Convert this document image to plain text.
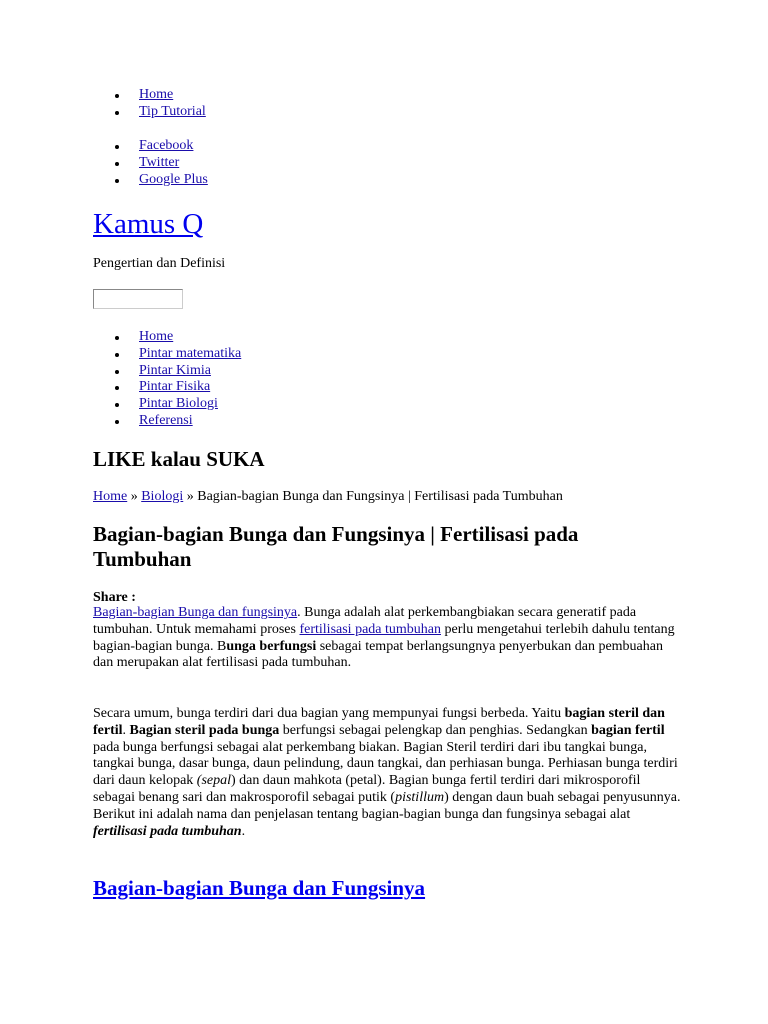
Home
Tip Tutorial
Facebook
Twitter
Google Plus
Kamus Q
Pengertian dan Definisi
Home
Pintar matematika
Pintar Kimia
Pintar Fisika
Pintar Biologi
Referensi
LIKE kalau SUKA
Home » Biologi » Bagian-bagian Bunga dan Fungsinya | Fertilisasi pada Tumbuhan
Bagian-bagian Bunga dan Fungsinya | Fertilisasi pada Tumbuhan
Share :

Bagian-bagian Bunga dan fungsinya. Bunga adalah alat perkembangbiakan secara generatif pada tumbuhan. Untuk memahami proses fertilisasi pada tumbuhan perlu mengetahui terlebih dahulu tentang bagian-bagian bunga. Bunga berfungsi sebagai tempat berlangsungnya penyerbukan dan pembuahan dan merupakan alat fertilisasi pada tumbuhan.

Secara umum, bunga terdiri dari dua bagian yang mempunyai fungsi berbeda. Yaitu bagian steril dan fertil. Bagian steril pada bunga berfungsi sebagai pelengkap dan penghias. Sedangkan bagian fertil pada bunga berfungsi sebagai alat perkembang biakan. Bagian Steril terdiri dari ibu tangkai bunga, tangkai bunga, dasar bunga, daun pelindung, daun tangkai, dan perhiasan bunga. Perhiasan bunga terdiri dari daun kelopak (sepal) dan daun mahkota (petal). Bagian bunga fertil terdiri dari mikrosporofil sebagai benang sari dan makrosporofil sebagai putik (pistillum) dengan daun buah sebagai penyusunnya. Berikut ini adalah nama dan penjelasan tentang bagian-bagian bunga dan fungsinya sebagai alat fertilisasi pada tumbuhan.

Bagian-bagian Bunga dan Fungsinya
